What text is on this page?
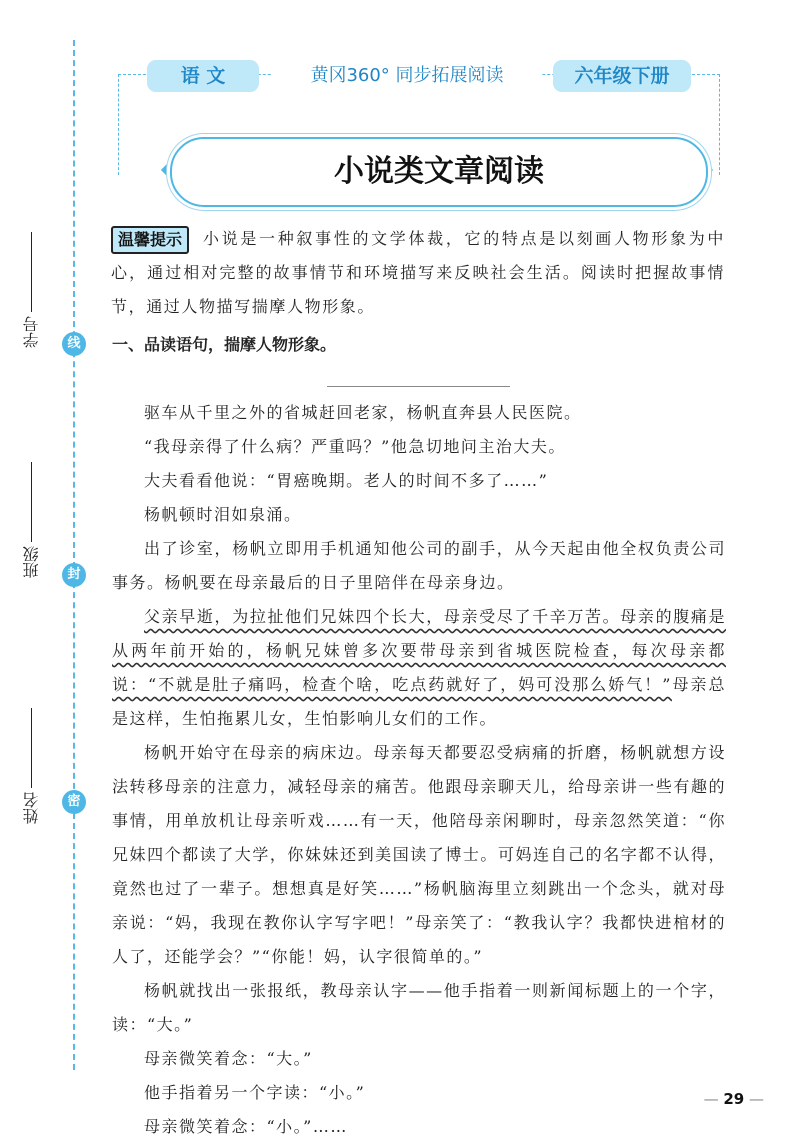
学号	线
班级	封
姓名	密
语 文	黄冈360° 同步拓展阅读	六年级下册
小说类文章阅读

小说是一种叙事性的文学体裁，它的特点是以刻画人物形象为中心，通过相对完整的故事情节和环境描写来反映社会生活。阅读时把握故事情节，通过人物描写揣摩人物形象。

温馨提示

一、品读语句，揣摩人物形象。

驱车从千里之外的省城赶回老家，杨帆直奔县人民医院。

“我母亲得了什么病？严重吗？”他急切地问主治大夫。

大夫看看他说：“胃癌晚期。老人的时间不多了……”

杨帆顿时泪如泉涌。

出了诊室，杨帆立即用手机通知他公司的副手，从今天起由他全权负责公司事务。杨帆要在母亲最后的日子里陪伴在母亲身边。

父亲早逝，为拉扯他们兄妹四个长大，母亲受尽了千辛万苦。母亲的腹痛是从两年前开始的，杨帆兄妹曾多次要带母亲到省城医院检查，每次母亲都说：“不就是肚子痛吗，检查个啥，吃点药就好了，妈可没那么娇气！”母亲总是这样，生怕拖累儿女，生怕影响儿女们的工作。

杨帆开始守在母亲的病床边。母亲每天都要忍受病痛的折磨，杨帆就想方设法转移母亲的注意力，减轻母亲的痛苦。他跟母亲聊天儿，给母亲讲一些有趣的事情，用单放机让母亲听戏……有一天，他陪母亲闲聊时，母亲忽然笑道：“你兄妹四个都读了大学，你妹妹还到美国读了博士。可妈连自己的名字都不认得，竟然也过了一辈子。想想真是好笑……”杨帆脑海里立刻跳出一个念头，就对母亲说：“妈，我现在教你认字写字吧！”母亲笑了：“教我认字？我都快进棺材的人了，还能学会？”“你能！妈，认字很简单的。”

杨帆就找出一张报纸，教母亲认字——他手指着一则新闻标题上的一个字，读：“大。”

母亲微笑着念：“大。”

他手指着另一个字读：“小。”

母亲微笑着念：“小。”……

— 29 —
